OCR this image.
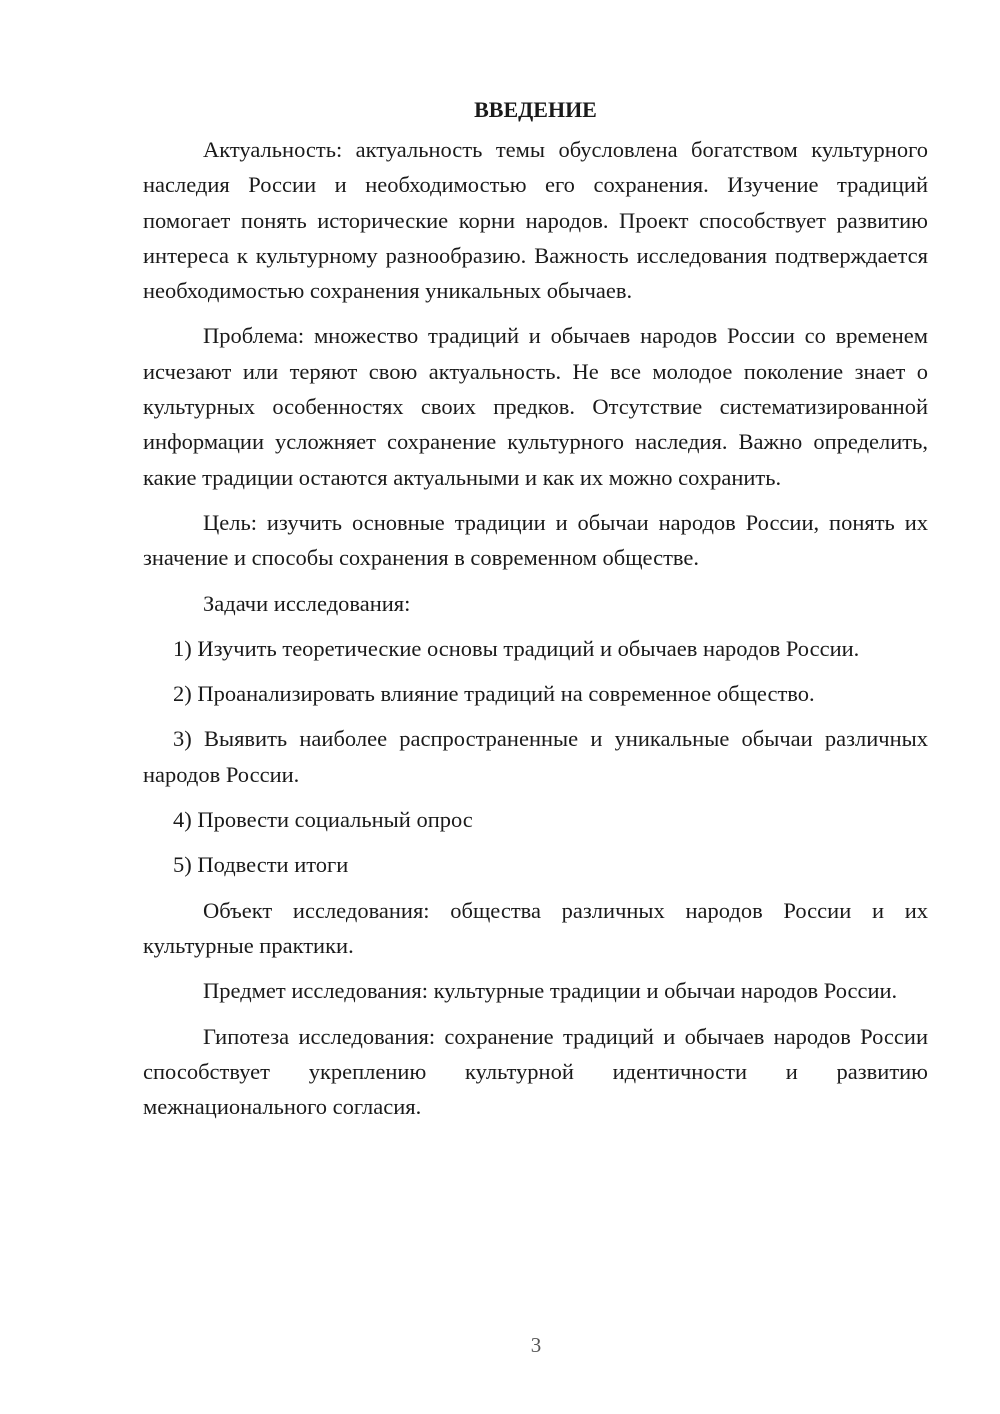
ВВЕДЕНИЕ

Актуальность: актуальность темы обусловлена богатством культурного наследия России и необходимостью его сохранения. Изучение традиций помогает понять исторические корни народов. Проект способствует развитию интереса к культурному разнообразию. Важность исследования подтверждается необходимостью сохранения уникальных обычаев.

Проблема: множество традиций и обычаев народов России со временем исчезают или теряют свою актуальность. Не все молодое поколение знает о культурных особенностях своих предков. Отсутствие систематизированной информации усложняет сохранение культурного наследия. Важно определить, какие традиции остаются актуальными и как их можно сохранить.

Цель: изучить основные традиции и обычаи народов России, понять их значение и способы сохранения в современном обществе.

Задачи исследования:

1) Изучить теоретические основы традиций и обычаев народов России.

2) Проанализировать влияние традиций на современное общество.

3) Выявить наиболее распространенные и уникальные обычаи различных народов России.

4) Провести социальный опрос

5) Подвести итоги

Объект исследования: общества различных народов России и их культурные практики.

Предмет исследования: культурные традиции и обычаи народов России.

Гипотеза исследования: сохранение традиций и обычаев народов России способствует укреплению культурной идентичности и развитию межнационального согласия.

3
